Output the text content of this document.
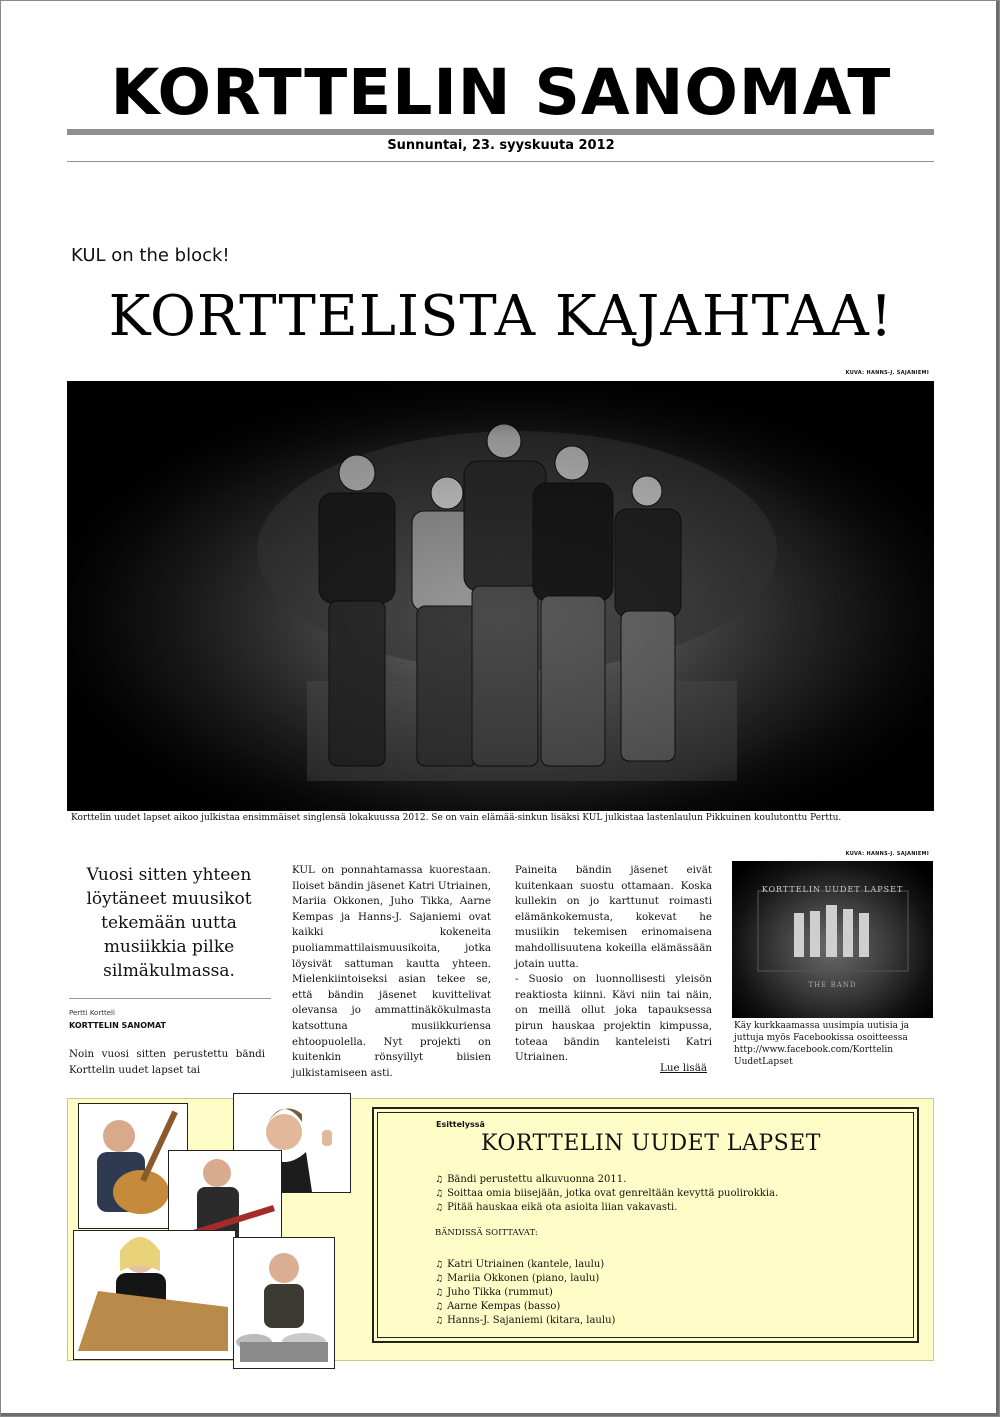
KORTTELIN SANOMAT
Sunnuntai, 23. syyskuuta 2012
KUL on the block!
KORTTELISTA KAJAHTAA!
KUVA: HANNS-J. SAJANIEMI
Korttelin uudet lapset aikoo julkistaa ensimmäiset singlensä lokakuussa 2012. Se on vain elämää-sinkun lisäksi KUL julkistaa lastenlaulun Pikkuinen koulutonttu Perttu.
Vuosi sitten yhteen löytäneet muusikot tekemään uutta musiikkia pilke silmäkulmassa.
Pertti Kortteli
KORTTELIN SANOMAT
Noin vuosi sitten perustettu bändi Korttelin uudet lapset tai
KUL on ponnahtamassa kuorestaan. Iloiset bändin jäsenet Katri Utriainen, Mariia Okkonen, Juho Tikka, Aarne Kempas ja Hanns-J. Sajaniemi ovat kaikki kokeneita puoliammattilaismuusikoita, jotka löysivät sattuman kautta yhteen. Mielenkiintoiseksi asian tekee se, että bändin jäsenet kuvittelivat olevansa jo ammattinäkökulmasta katsottuna musiikkuriensa ehtoopuolella. Nyt projekti on kuitenkin rönsyillyt biisien julkistamiseen asti.
Paineita bändin jäsenet eivät kuitenkaan suostu ottamaan. Koska kullekin on jo karttunut roimasti elämänkokemusta, kokevat he musiikin tekemisen erinomaisena mahdollisuutena kokeilla elämässään jotain uutta.
- Suosio on luonnollisesti yleisön reaktiosta kiinni. Kävi niin tai näin, on meillä ollut joka tapauksessa pirun hauskaa projektin kimpussa, toteaa bändin kanteleisti Katri Utriainen.
Lue lisää
KUVA: HANNS-J. SAJANIEMI
KORTTELIN UUDET LAPSET
THE BAND
Käy kurkkaamassa uusimpia uutisia ja juttuja myös Facebookissa osoitteessa http://www.facebook.com/Korttelin UudetLapset
Esittelyssä
KORTTELIN UUDET LAPSET
♫ Bändi perustettu alkuvuonna 2011.
♫ Soittaa omia biisejään, jotka ovat genreltään kevyttä puolirokkia.
♫ Pitää hauskaa eikä ota asioita liian vakavasti.
BÄNDISSÄ SOITTAVAT:
♫ Katri Utriainen (kantele, laulu)
♫ Mariia Okkonen (piano, laulu)
♫ Juho Tikka (rummut)
♫ Aarne Kempas (basso)
♫ Hanns-J. Sajaniemi (kitara, laulu)
